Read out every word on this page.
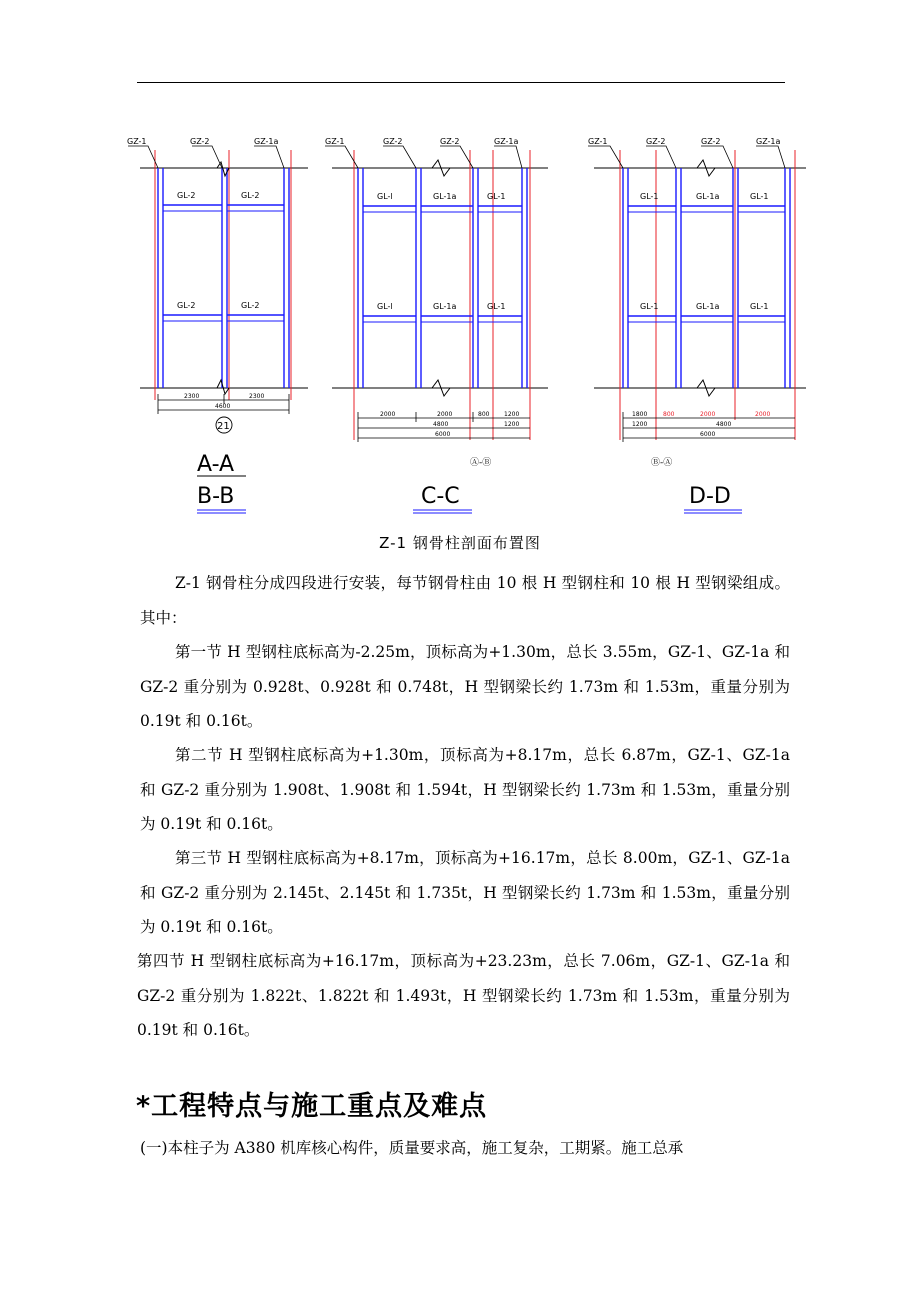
GZ-1	GZ-2	GZ-1a
GL-2	GL-2
GL-2	GL-2
2300	2300
4600
21
A-A
B-B
GZ-1	GZ-2	GZ-2	GZ-1a
GL-l	GL-1a	GL-1
GL-l	GL-1a	GL-1
2000	2000	800 1200
4800	1200
6000
Ⓐ-Ⓑ
C-C
GZ-1	GZ-2	GZ-2	GZ-1a
GL-1	GL-1a	GL-1
GL-1	GL-1a	GL-1
1800	800	2000	2000
1200	4800
6000
Ⓑ-Ⓐ
D-D
Z-1 钢骨柱剖面布置图

Z-1 钢骨柱分成四段进行安装，每节钢骨柱由 10 根 H 型钢柱和 10 根 H 型钢梁组成。其中：

第一节 H 型钢柱底标高为-2.25m，顶标高为+1.30m，总长 3.55m，GZ-1、GZ-1a 和 GZ-2 重分别为 0.928t、0.928t 和 0.748t，H 型钢梁长约 1.73m 和 1.53m，重量分别为 0.19t 和 0.16t。

第二节 H 型钢柱底标高为+1.30m，顶标高为+8.17m，总长 6.87m，GZ-1、GZ-1a 和 GZ-2 重分别为 1.908t、1.908t 和 1.594t，H 型钢梁长约 1.73m 和 1.53m，重量分别为 0.19t 和 0.16t。

第三节 H 型钢柱底标高为+8.17m，顶标高为+16.17m，总长 8.00m，GZ-1、GZ-1a 和 GZ-2 重分别为 2.145t、2.145t 和 1.735t，H 型钢梁长约 1.73m 和 1.53m，重量分别为 0.19t 和 0.16t。

第四节 H 型钢柱底标高为+16.17m，顶标高为+23.23m，总长 7.06m，GZ-1、GZ-1a 和 GZ-2 重分别为 1.822t、1.822t 和 1.493t，H 型钢梁长约 1.73m 和 1.53m，重量分别为 0.19t 和 0.16t。

*工程特点与施工重点及难点

(一)本柱子为 A380 机库核心构件，质量要求高，施工复杂，工期紧。施工总承
